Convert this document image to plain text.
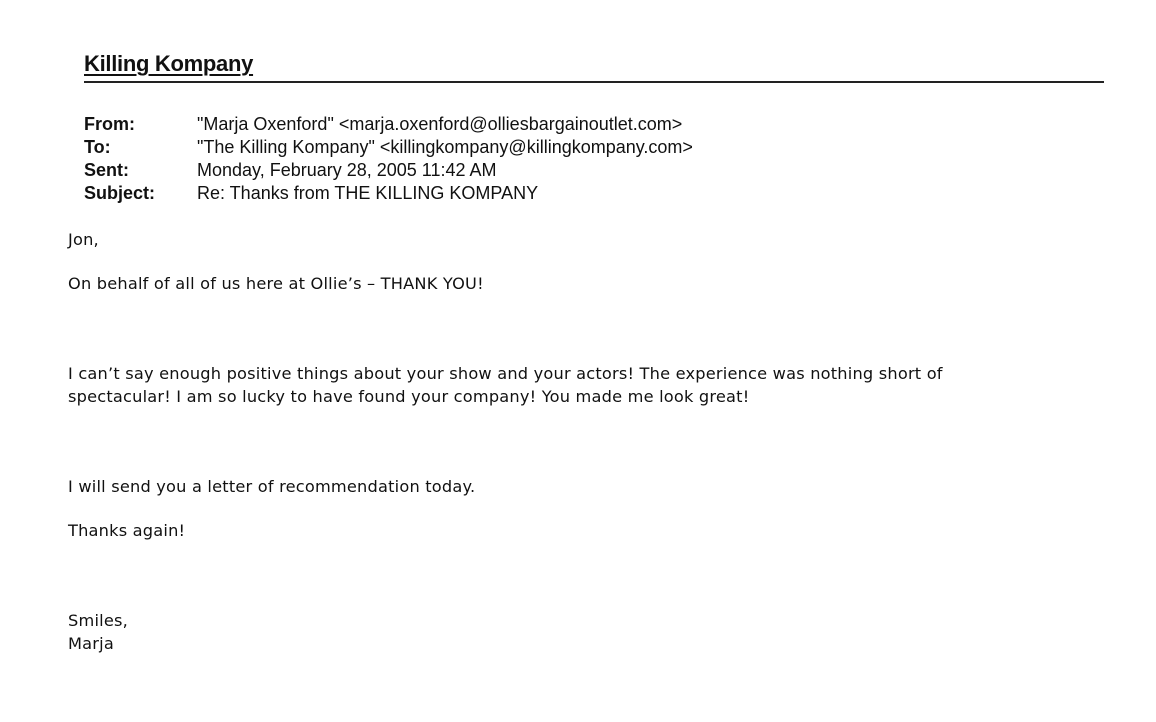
Killing Kompany
From:	"Marja Oxenford" <marja.oxenford@olliesbargainoutlet.com>
To:	"The Killing Kompany" <killingkompany@killingkompany.com>
Sent:	Monday, February 28, 2005 11:42 AM
Subject:	Re: Thanks from THE KILLING KOMPANY

Jon,

On behalf of all of us here at Ollie’s – THANK YOU!

I can’t say enough positive things about your show and your actors! The experience was nothing short of
spectacular! I am so lucky to have found your company! You made me look great!

I will send you a letter of recommendation today.

Thanks again!

Smiles,
Marja
